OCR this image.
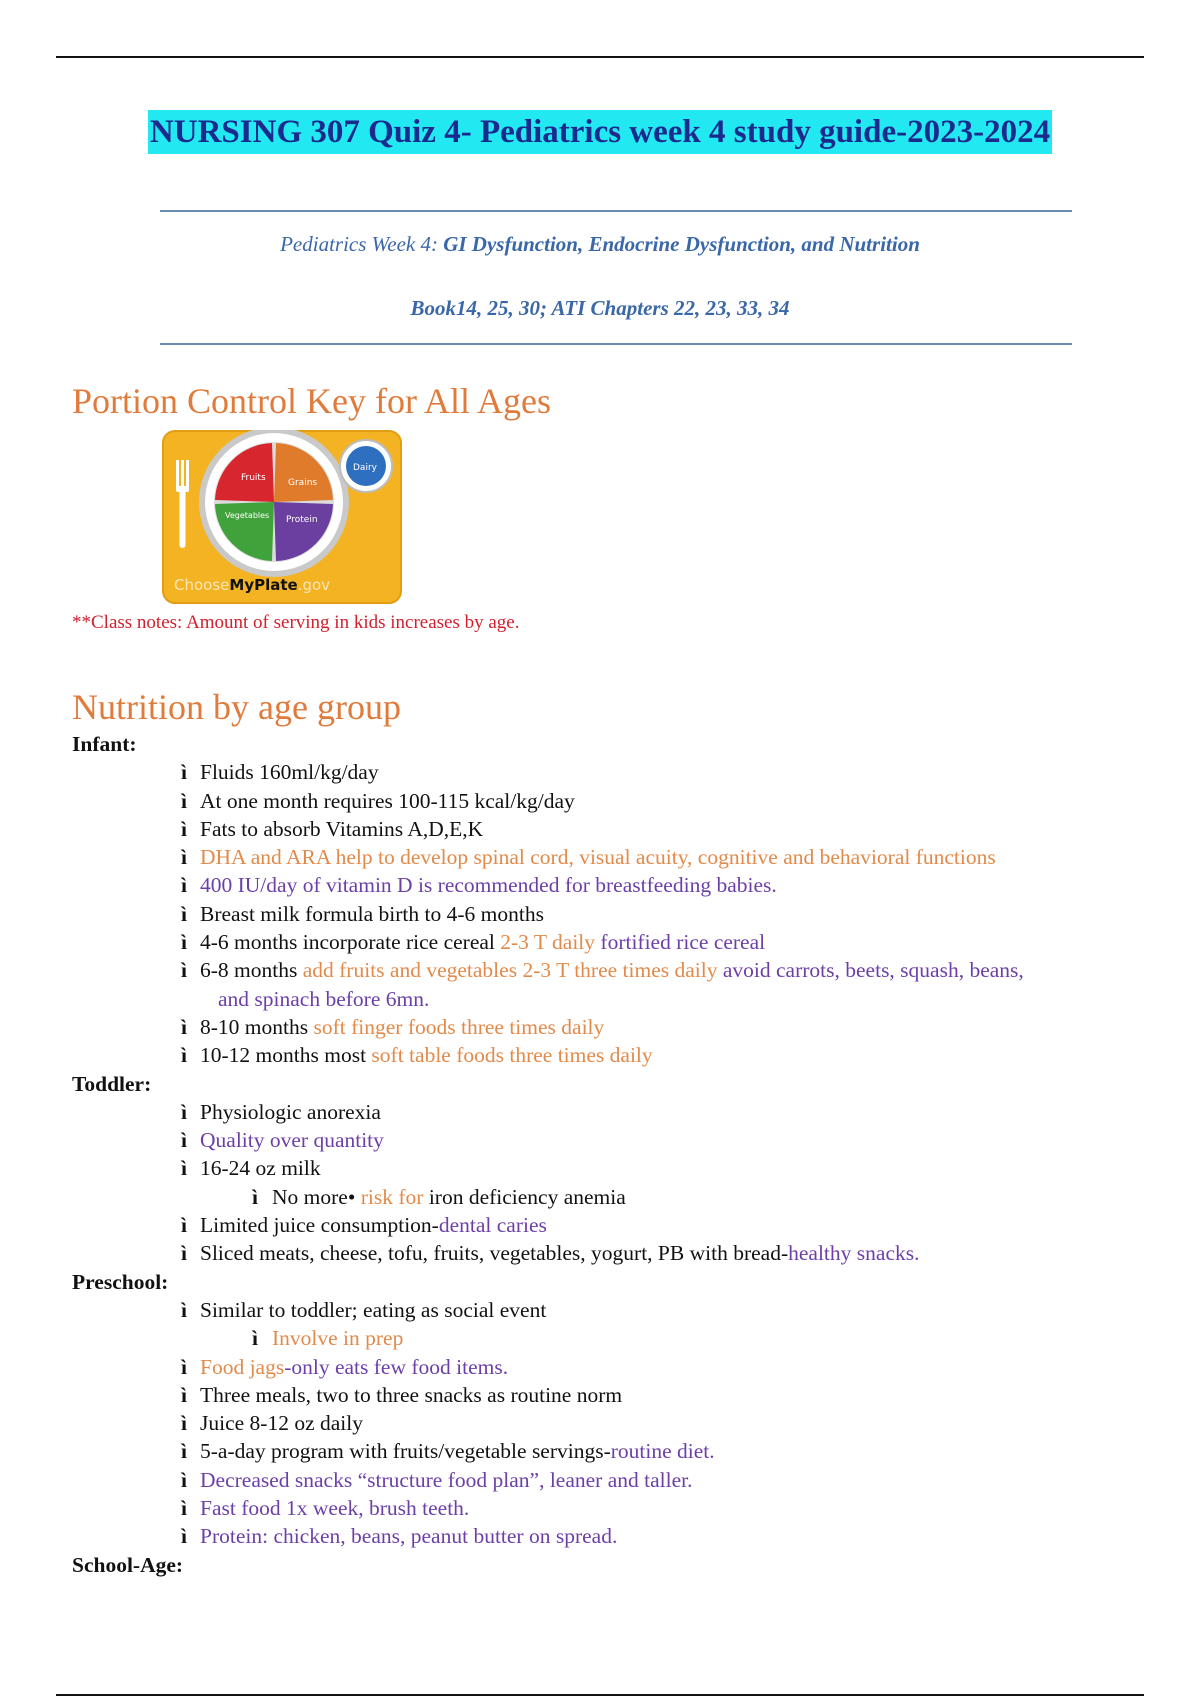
NURSING 307 Quiz 4- Pediatrics week 4 study guide-2023-2024
Pediatrics Week 4: GI Dysfunction, Endocrine Dysfunction, and Nutrition
Book14, 25, 30; ATI Chapters 22, 23, 33, 34
Portion Control Key for All Ages
Fruits Grains
Vegetables Protein
Dairy
ChooseMyPlate.gov
**Class notes: Amount of serving in kids increases by age.
Nutrition by age group

Infant:

ì Fluids 160ml/kg/day
ì At one month requires 100-115 kcal/kg/day
ì Fats to absorb Vitamins A,D,E,K
ì DHA and ARA help to develop spinal cord, visual acuity, cognitive and behavioral functions
ì 400 IU/day of vitamin D is recommended for breastfeeding babies.
ì Breast milk formula birth to 4-6 months
ì 4-6 months incorporate rice cereal 2-3 T daily fortified rice cereal
ì 6-8 months add fruits and vegetables 2-3 T three times daily avoid carrots, beets, squash, beans,
and spinach before 6mn.
ì 8-10 months soft finger foods three times daily
ì 10-12 months most soft table foods three times daily

Toddler:

ì Physiologic anorexia
ì Quality over quantity
ì 16-24 oz milk
ì No more• risk for iron deficiency anemia
ì Limited juice consumption-dental caries
ì Sliced meats, cheese, tofu, fruits, vegetables, yogurt, PB with bread-healthy snacks.

Preschool:

ì Similar to toddler; eating as social event
ì Involve in prep
ì Food jags-only eats few food items.
ì Three meals, two to three snacks as routine norm
ì Juice 8-12 oz daily
ì 5-a-day program with fruits/vegetable servings-routine diet.
ì Decreased snacks “structure food plan”, leaner and taller.
ì Fast food 1x week, brush teeth.
ì Protein: chicken, beans, peanut butter on spread.

School-Age:
